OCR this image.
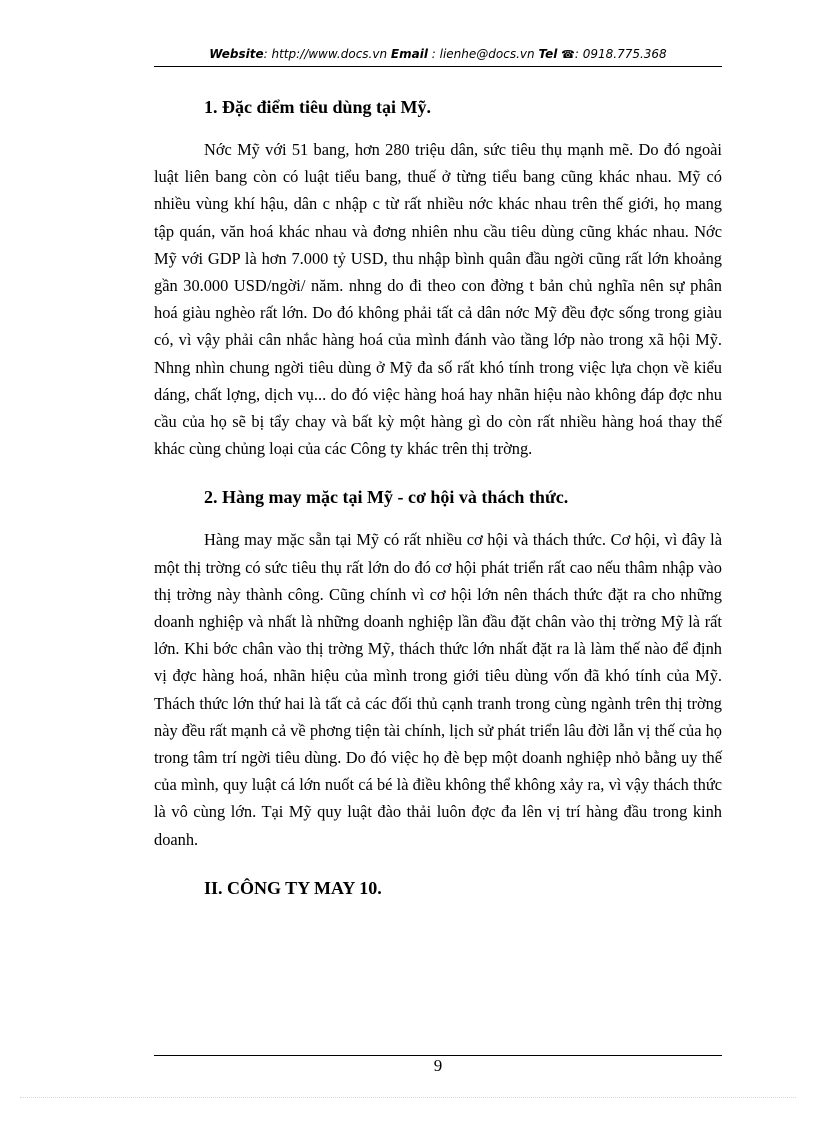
Website: http://www.docs.vn Email : lienhe@docs.vn Tel ☎: 0918.775.368
1. Đặc điểm tiêu dùng tại Mỹ.

Nớc Mỹ với 51 bang, hơn 280 triệu dân, sức tiêu thụ mạnh mẽ. Do đó ngoài luật liên bang còn có luật tiểu bang, thuế ở từng tiểu bang cũng khác nhau. Mỹ có nhiều vùng khí hậu, dân c nhập c từ rất nhiều nớc khác nhau trên thế giới, họ mang tập quán, văn hoá khác nhau và đơng nhiên nhu cầu tiêu dùng cũng khác nhau. Nớc Mỹ với GDP là hơn 7.000 tỷ USD, thu nhập bình quân đầu ngời cũng rất lớn khoảng gần 30.000 USD/ngời/ năm. nhng do đi theo con đờng t bản chủ nghĩa nên sự phân hoá giàu nghèo rất lớn. Do đó không phải tất cả dân nớc Mỹ đều đợc sống trong giàu có, vì vậy phải cân nhắc hàng hoá của mình đánh vào tầng lớp nào trong xã hội Mỹ. Nhng nhìn chung ngời tiêu dùng ở Mỹ đa số rất khó tính trong việc lựa chọn về kiểu dáng, chất lợng, dịch vụ... do đó việc hàng hoá hay nhãn hiệu nào không đáp đợc nhu cầu của họ sẽ bị tẩy chay và bất kỳ một hàng gì do còn rất nhiều hàng hoá thay thế khác cùng chủng loại của các Công ty khác trên thị trờng.

2. Hàng may mặc tại Mỹ - cơ hội và thách thức.

Hàng may mặc sẵn tại Mỹ có rất nhiều cơ hội và thách thức. Cơ hội, vì đây là một thị trờng có sức tiêu thụ rất lớn do đó cơ hội phát triển rất cao nếu thâm nhập vào thị trờng này thành công. Cũng chính vì cơ hội lớn nên thách thức đặt ra cho những doanh nghiệp và nhất là những doanh nghiệp lần đầu đặt chân vào thị trờng Mỹ là rất lớn. Khi bớc chân vào thị trờng Mỹ, thách thức lớn nhất đặt ra là làm thế nào để định vị đợc hàng hoá, nhãn hiệu của mình trong giới tiêu dùng vốn đã khó tính của Mỹ. Thách thức lớn thứ hai là tất cả các đối thủ cạnh tranh trong cùng ngành trên thị trờng này đều rất mạnh cả về phơng tiện tài chính, lịch sử phát triển lâu đời lẫn vị thế của họ trong tâm trí ngời tiêu dùng. Do đó việc họ đè bẹp một doanh nghiệp nhỏ bằng uy thế của mình, quy luật cá lớn nuốt cá bé là điều không thể không xảy ra, vì vậy thách thức là vô cùng lớn. Tại Mỹ quy luật đào thải luôn đợc đa lên vị trí hàng đầu trong kinh doanh.

II. CÔNG TY MAY 10.
9
